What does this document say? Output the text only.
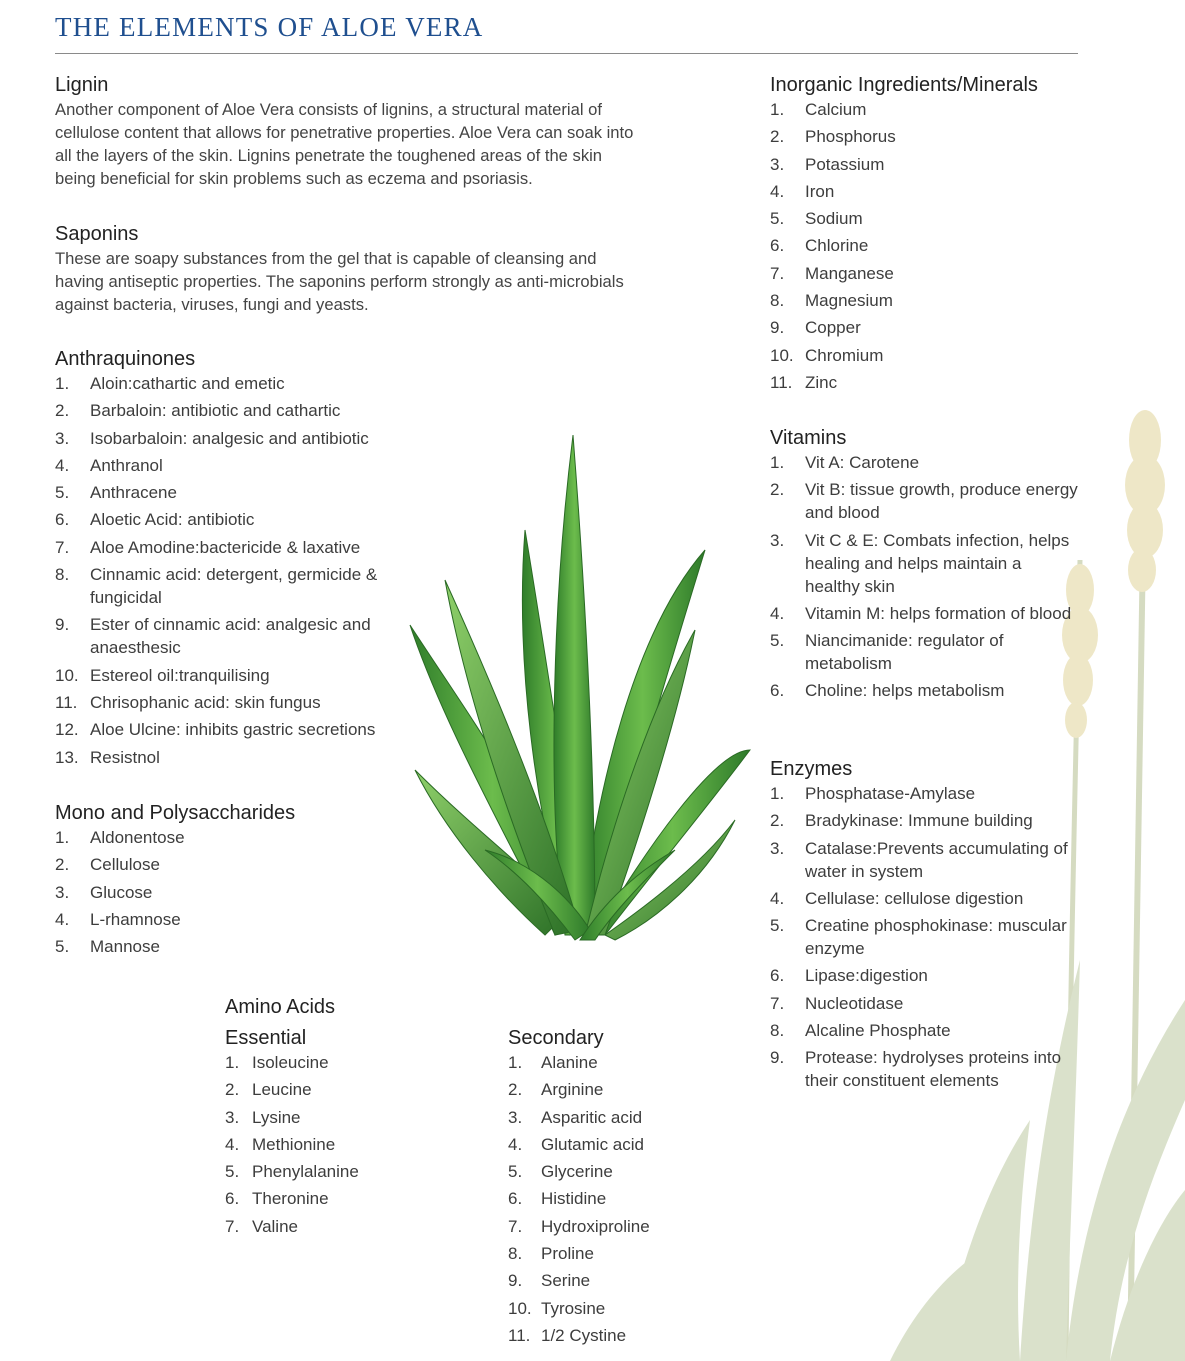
THE ELEMENTS OF ALOE VERA
Lignin

Another component of Aloe Vera consists of lignins, a structural material of
cellulose content that allows for penetrative properties. Aloe Vera can soak into
all the layers of the skin. Lignins penetrate the toughened areas of the skin
being beneficial for skin problems such as eczema and psoriasis.

Saponins

These are soapy substances from the gel that is capable of cleansing and
having antiseptic properties. The saponins perform strongly as anti-microbials
against bacteria, viruses, fungi and yeasts.

Anthraquinones
1. Aloin:cathartic and emetic
2. Barbaloin: antibiotic and cathartic
3. Isobarbaloin: analgesic and antibiotic
4. Anthranol
5. Anthracene
6. Aloetic Acid: antibiotic
7. Aloe Amodine:bactericide & laxative
8. Cinnamic acid: detergent, germicide & fungicidal
9. Ester of cinnamic acid: analgesic and anaesthesic
10. Estereol oil:tranquilising
11. Chrisophanic acid: skin fungus
12. Aloe Ulcine: inhibits gastric secretions
13. Resistnol
Mono and Polysaccharides
1. Aldonentose
2. Cellulose
3. Glucose
4. L-rhamnose
5. Mannose
Amino Acids
Essential
1. Isoleucine
2. Leucine
3. Lysine
4. Methionine
5. Phenylalanine
6. Theronine
7. Valine
Secondary
1. Alanine
2. Arginine
3. Asparitic acid
4. Glutamic acid
5. Glycerine
6. Histidine
7. Hydroxiproline
8. Proline
9. Serine
10. Tyrosine
11. 1/2 Cystine
Inorganic Ingredients/Minerals
1. Calcium
2. Phosphorus
3. Potassium
4. Iron
5. Sodium
6. Chlorine
7. Manganese
8. Magnesium
9. Copper
10. Chromium
11. Zinc
Vitamins
1. Vit A: Carotene
2. Vit B: tissue growth, produce energy and blood
3. Vit C & E: Combats infection, helps healing and helps maintain a healthy skin
4. Vitamin M: helps formation of blood
5. Niancimanide: regulator of metabolism
6. Choline: helps metabolism
Enzymes
1. Phosphatase-Amylase
2. Bradykinase: Immune building
3. Catalase:Prevents accumulating of water in system
4. Cellulase: cellulose digestion
5. Creatine phosphokinase: muscular enzyme
6. Lipase:digestion
7. Nucleotidase
8. Alcaline Phosphate
9. Protease: hydrolyses proteins into their constituent elements
